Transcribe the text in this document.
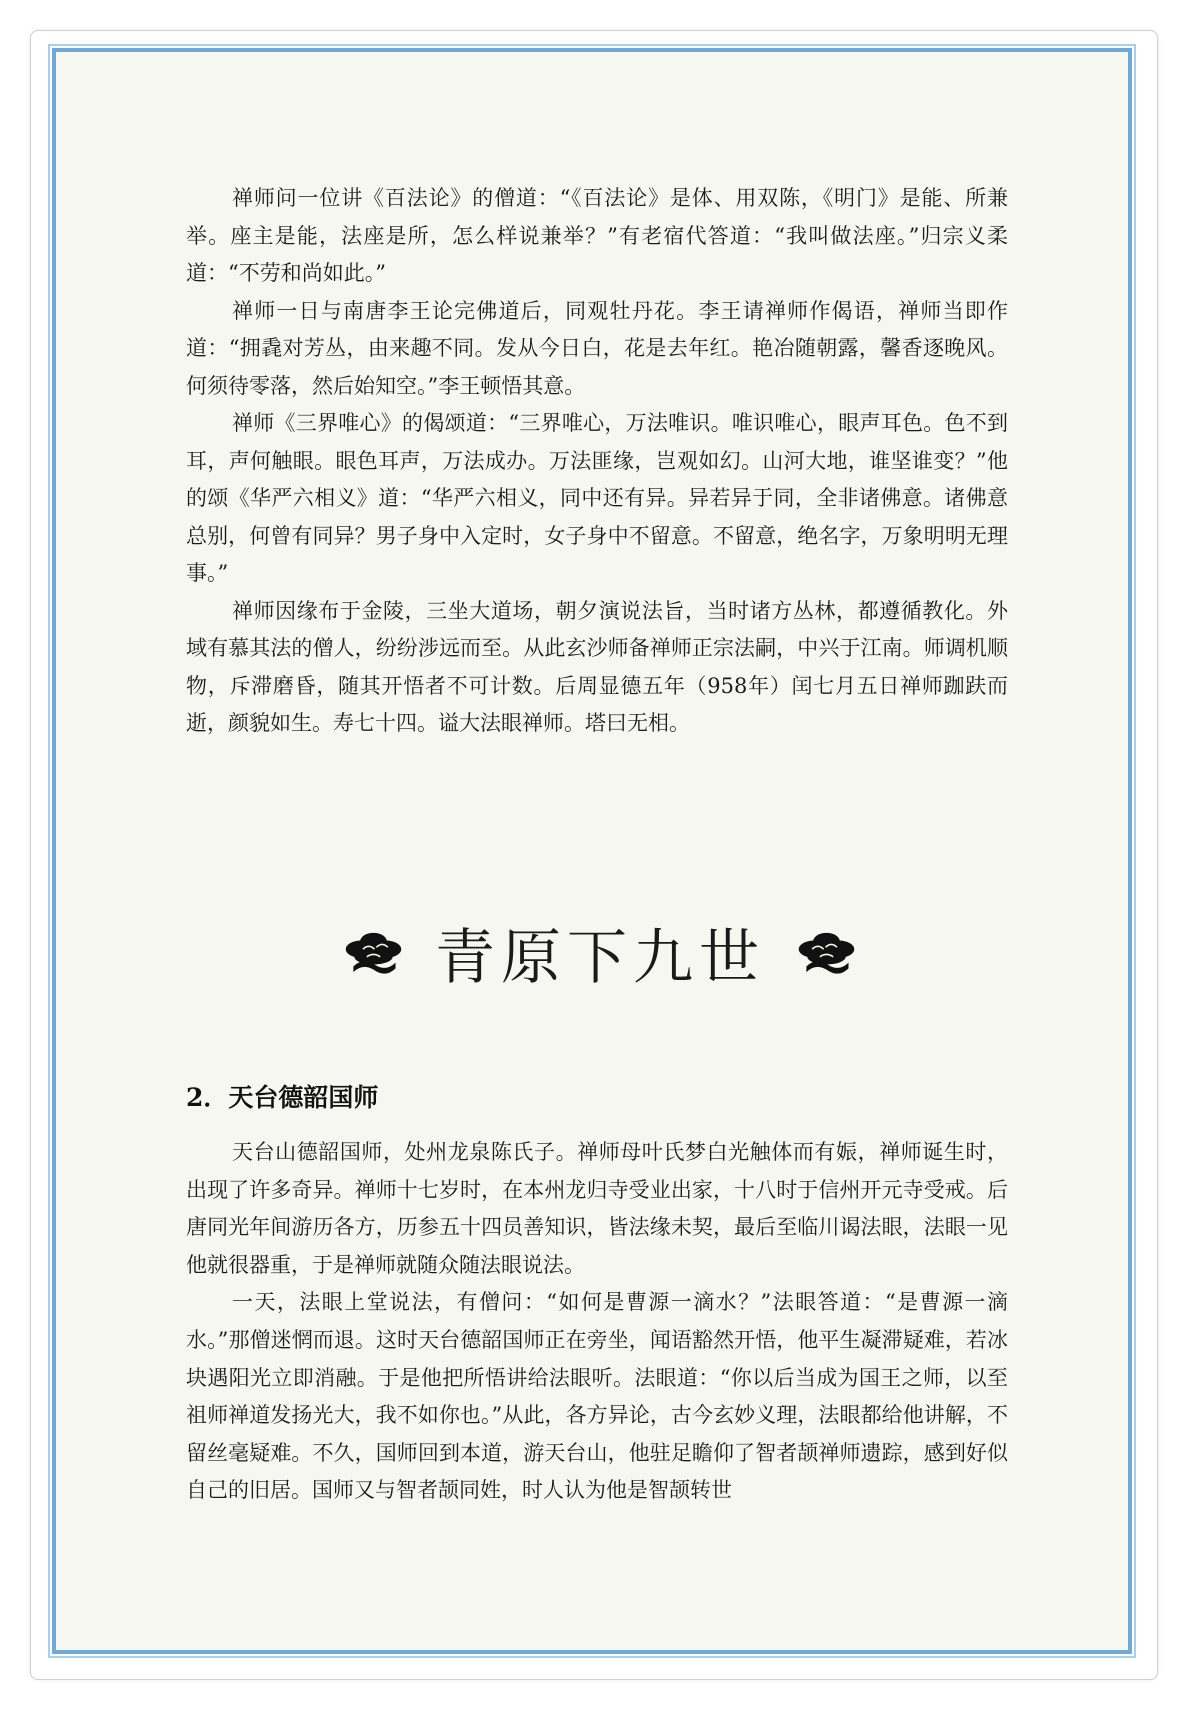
禅师问一位讲《百法论》的僧道：“《百法论》是体、用双陈，《明门》是能、所兼举。座主是能，法座是所，怎么样说兼举？”有老宿代答道：“我叫做法座。”归宗义柔道：“不劳和尚如此。”

禅师一日与南唐李王论完佛道后，同观牡丹花。李王请禅师作偈语，禅师当即作道：“拥毳对芳丛，由来趣不同。发从今日白，花是去年红。艳冶随朝露，馨香逐晚风。何须待零落，然后始知空。”李王顿悟其意。

禅师《三界唯心》的偈颂道：“三界唯心，万法唯识。唯识唯心，眼声耳色。色不到耳，声何触眼。眼色耳声，万法成办。万法匪缘，岂观如幻。山河大地，谁坚谁变？”他的颂《华严六相义》道：“华严六相义，同中还有异。异若异于同，全非诸佛意。诸佛意总别，何曾有同异？男子身中入定时，女子身中不留意。不留意，绝名字，万象明明无理事。”

禅师因缘布于金陵，三坐大道场，朝夕演说法旨，当时诸方丛林，都遵循教化。外域有慕其法的僧人，纷纷涉远而至。从此玄沙师备禅师正宗法嗣，中兴于江南。师调机顺物，斥滞磨昏，随其开悟者不可计数。后周显德五年（958年）闰七月五日禅师跏趺而逝，颜貌如生。寿七十四。谥大法眼禅师。塔曰无相。

青原下九世
2．天台德韶国师

天台山德韶国师，处州龙泉陈氏子。禅师母叶氏梦白光触体而有娠，禅师诞生时，出现了许多奇异。禅师十七岁时，在本州龙归寺受业出家，十八时于信州开元寺受戒。后唐同光年间游历各方，历参五十四员善知识，皆法缘未契，最后至临川谒法眼，法眼一见他就很器重，于是禅师就随众随法眼说法。

一天，法眼上堂说法，有僧问：“如何是曹源一滴水？”法眼答道：“是曹源一滴水。”那僧迷惘而退。这时天台德韶国师正在旁坐，闻语豁然开悟，他平生凝滞疑难，若冰块遇阳光立即消融。于是他把所悟讲给法眼听。法眼道：“你以后当成为国王之师，以至祖师禅道发扬光大，我不如你也。”从此，各方异论，古今玄妙义理，法眼都给他讲解，不留丝毫疑难。不久，国师回到本道，游天台山，他驻足瞻仰了智者颉禅师遗踪，感到好似自己的旧居。国师又与智者颉同姓，时人认为他是智颉转世
